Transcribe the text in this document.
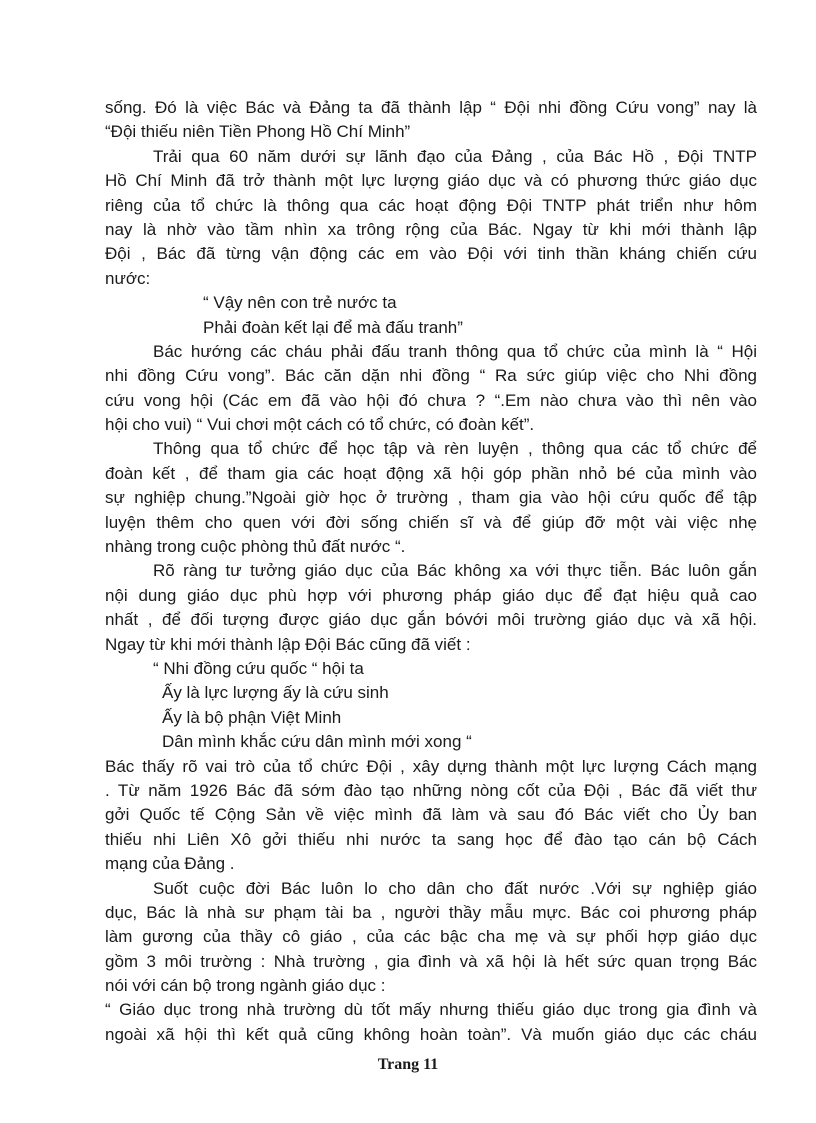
sống. Đó là việc Bác và Đảng ta đã thành lập “ Đội nhi đồng Cứu vong” nay là
“Đội thiếu niên Tiền Phong Hồ Chí Minh”
Trải qua 60 năm dưới sự lãnh đạo của Đảng , của Bác Hồ , Đội TNTP
Hồ Chí Minh đã trở thành một lực lượng giáo dục và có phương thức giáo dục
riêng của tổ chức là thông qua các hoạt động Đội TNTP phát triển như hôm
nay là nhờ vào tầm nhìn xa trông rộng của Bác. Ngay từ khi mới thành lập
Đội , Bác đã từng vận động các em vào Đội với tinh thần kháng chiến cứu
nước:
“ Vậy nên con trẻ nước ta
Phải đoàn kết lại để mà đấu tranh”
Bác hướng các cháu phải đấu tranh thông qua tổ chức của mình là “ Hội
nhi đồng Cứu vong”. Bác căn dặn nhi đồng “ Ra sức giúp việc cho Nhi đồng
cứu vong hội (Các em đã vào hội đó chưa ? “.Em nào chưa vào thì nên vào
hội cho vui) “ Vui chơi một cách có tổ chức, có đoàn kết”.
Thông qua tổ chức để học tập và rèn luyện , thông qua các tổ chức để
đoàn kết , để tham gia các hoạt động xã hội góp phần nhỏ bé của mình vào
sự nghiệp chung.”Ngoài giờ học ở trường , tham gia vào hội cứu quốc để tập
luyện thêm cho quen với đời sống chiến sĩ và để giúp đỡ một vài việc nhẹ
nhàng trong cuộc phòng thủ đất nước “.
Rõ ràng tư tưởng giáo dục của Bác không xa với thực tiễn. Bác luôn gắn
nội dung giáo dục phù hợp với phương pháp giáo dục để đạt hiệu quả cao
nhất , để đối tượng được giáo dục gắn bóvới môi trường giáo dục và xã hội.
Ngay từ khi mới thành lập Đội Bác cũng đã viết :
“ Nhi đồng cứu quốc “ hội ta
Ấy là lực lượng ấy là cứu sinh
Ấy là bộ phận Việt Minh
Dân mình khắc cứu dân mình mới xong “
Bác thấy rõ vai trò của tổ chức Đội , xây dựng thành một lực lượng Cách mạng
. Từ năm 1926 Bác đã sớm đào tạo những nòng cốt của Đội , Bác đã viết thư
gởi Quốc tế Cộng Sản về việc mình đã làm và sau đó Bác viết cho Ủy ban
thiếu nhi Liên Xô gởi thiếu nhi nước ta sang học để đào tạo cán bộ Cách
mạng của Đảng .
Suốt cuộc đời Bác luôn lo cho dân cho đất nước .Với sự nghiệp giáo
dục, Bác là nhà sư phạm tài ba , người thầy mẫu mực. Bác coi phương pháp
làm gương của thầy cô giáo , của các bậc cha mẹ và sự phối hợp giáo dục
gồm 3 môi trường : Nhà trường , gia đình và xã hội là hết sức quan trọng Bác
nói với cán bộ trong ngành giáo dục :
“ Giáo dục trong nhà trường dù tốt mấy nhưng thiếu giáo dục trong gia đình và
ngoài xã hội thì kết quả cũng không hoàn toàn”. Và muốn giáo dục các cháu
Trang 11
